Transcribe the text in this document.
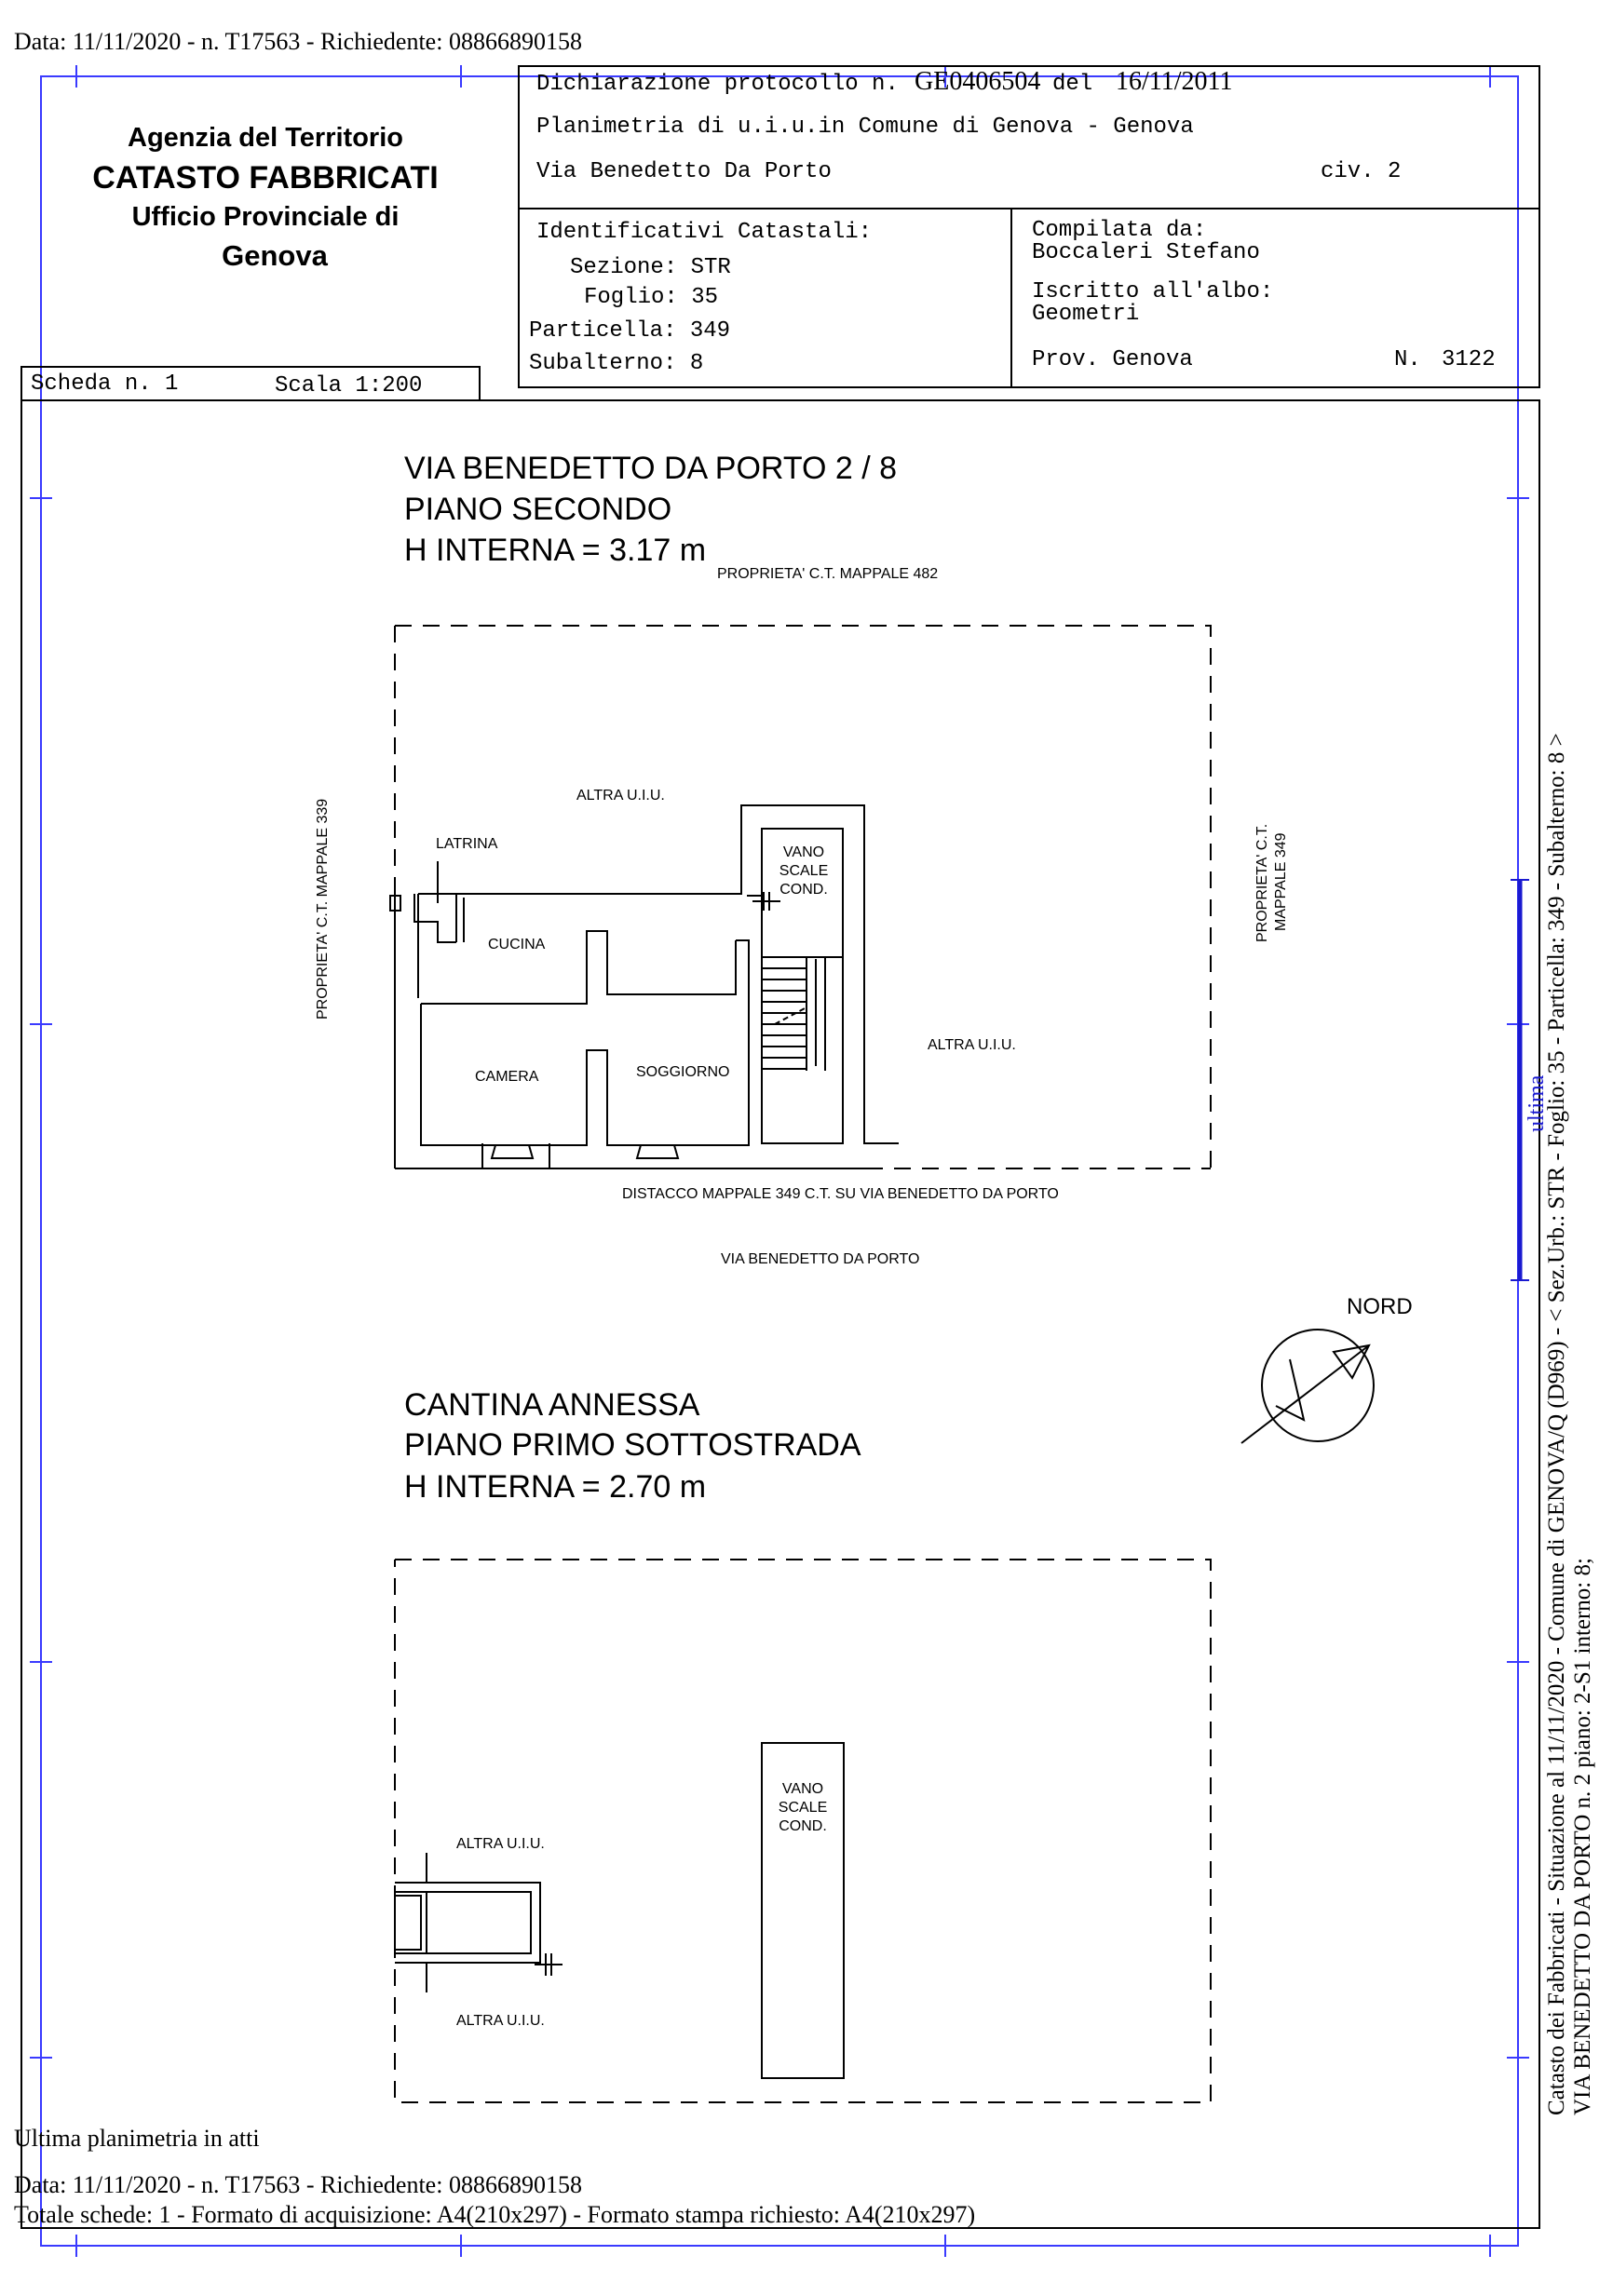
Data: 11/11/2020 - n. T17563 - Richiedente: 08866890158
Agenzia del Territorio
CATASTO FABBRICATI
Ufficio Provinciale di
Genova
Dichiarazione protocollo n. GE0406504 del 16/11/2011
Planimetria di u.i.u.in Comune di Genova - Genova
Via Benedetto Da Porto	civ. 2
Identificativi Catastali:
Sezione: STR
Foglio: 35
Particella: 349
Subalterno: 8
Compilata da:
Boccaleri Stefano
Iscritto all'albo:
Geometri
Prov. Genova	N. 3122
Scheda n. 1	Scala 1:200
VIA BENEDETTO DA PORTO 2 / 8
PIANO SECONDO
H INTERNA = 3.17 m
PROPRIETA' C.T. MAPPALE 482
PROPRIETA' C.T. MAPPALE 339	PROPRIETA' C.T. MAPPALE 349
ALTRA U.I.U.
ALTRA U.I.U.
LATRINA
CUCINA
CAMERA	SOGGIORNO
VANO
SCALE
COND.
DISTACCO MAPPALE 349 C.T. SU VIA BENEDETTO DA PORTO
VIA BENEDETTO DA PORTO
NORD
CANTINA ANNESSA
PIANO PRIMO SOTTOSTRADA
H INTERNA = 2.70 m
ALTRA U.I.U.
ALTRA U.I.U.
VANO
SCALE
COND.	Catasto dei Fabbricati - Situazione al 11/11/2020 - Comune di GENOVA/Q (D969) - < Sez.Urb.: STR - Foglio: 35 - Particella: 349 - Subalterno: 8 > VIA BENEDETTO DA PORTO n. 2 piano: 2-S1 interno: 8;
ultima
Ultima planimetria in atti
Data: 11/11/2020 - n. T17563 - Richiedente: 08866890158
Totale schede: 1 - Formato di acquisizione: A4(210x297) - Formato stampa richiesto: A4(210x297)
